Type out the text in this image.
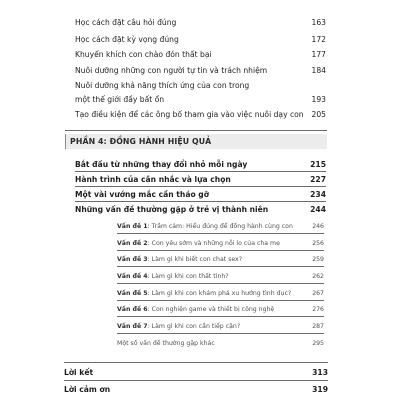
Học cách đặt câu hỏi đúng	163
Học cách đặt kỳ vọng đúng	172
Khuyến khích con chào đón thất bại	177
Nuôi dưỡng những con người tự tin và trách nhiệm	184
Nuôi dưỡng khả năng thích ứng của con trong
một thế giới đầy bất ổn	193
Tạo điều kiện để các ông bố tham gia vào việc nuôi dạy con 205
PHẦN 4: ĐỒNG HÀNH HIỆU QUẢ
Bắt đầu từ những thay đổi nhỏ mỗi ngày	215
Hành trình của cân nhắc và lựa chọn	227
Một vài vướng mắc cần tháo gỡ	234
Những vấn đề thường gặp ở trẻ vị thành niên	244
Vấn đề 1: Trầm cảm: Hiểu đúng để đồng hành cùng con	246
Vấn đề 2: Con yêu sớm và những nỗi lo của cha mẹ	256
Vấn đề 3: Làm gì khi biết con chat sex?	259
Vấn đề 4: Làm gì khi con thất tình?	262
Vấn đề 5: Làm gì khi con khám phá xu hướng tình dục?	267
Vấn đề 6: Con nghiện game và thiết bị công nghệ	276
Vấn đề 7: Làm gì khi con cần tiếp cận?	287
Một số vấn đề thường gặp khác	295
Lời kết	313
Lời cảm ơn	319
